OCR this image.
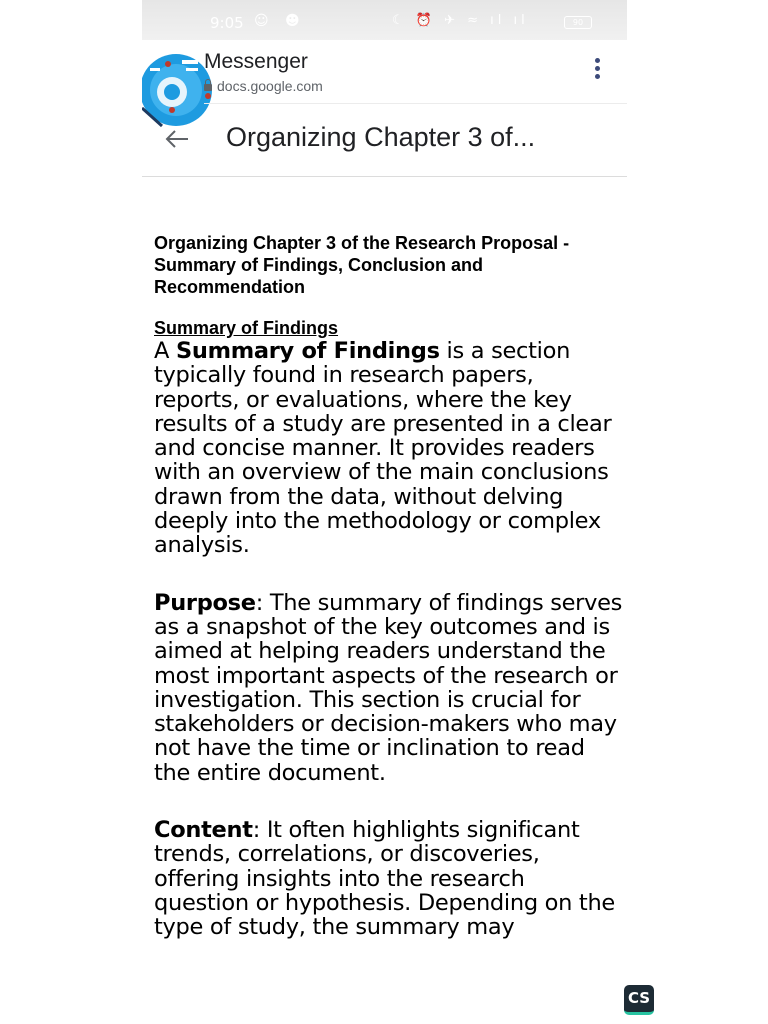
9:05 ☺ ☻	☾ ⏰ ✈ ≈ ıl ıl	90
Messenger
docs.google.com
Organizing Chapter 3 of...
Organizing Chapter 3 of the Research Proposal - Summary of Findings, Conclusion and Recommendation
Summary of Findings

A Summary of Findings is a section typically found in research papers, reports, or evaluations, where the key results of a study are presented in a clear and concise manner. It provides readers with an overview of the main conclusions drawn from the data, without delving deeply into the methodology or complex analysis.

Purpose: The summary of findings serves as a snapshot of the key outcomes and is aimed at helping readers understand the most important aspects of the research or investigation. This section is crucial for stakeholders or decision-makers who may not have the time or inclination to read the entire document.

Content: It often highlights significant trends, correlations, or discoveries, offering insights into the research question or hypothesis. Depending on the type of study, the summary may

CS
